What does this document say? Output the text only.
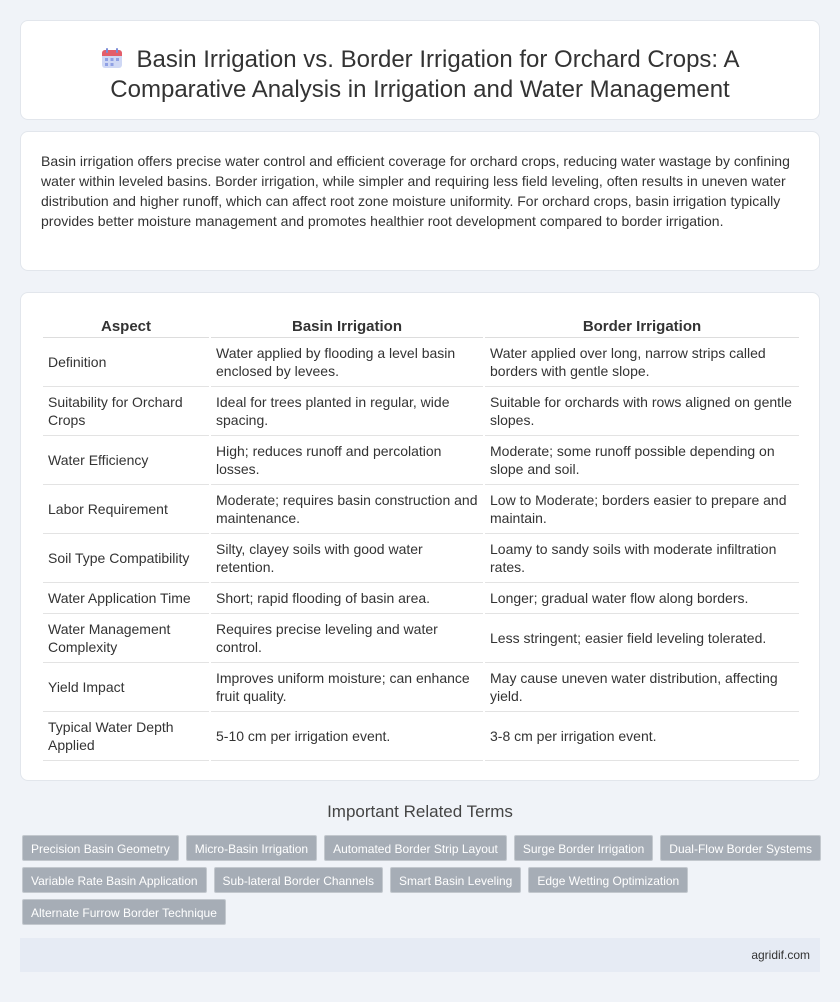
Basin Irrigation vs. Border Irrigation for Orchard Crops: A Comparative Analysis in Irrigation and Water Management

Basin irrigation offers precise water control and efficient coverage for orchard crops, reducing water wastage by confining water within leveled basins. Border irrigation, while simpler and requiring less field leveling, often results in uneven water distribution and higher runoff, which can affect root zone moisture uniformity. For orchard crops, basin irrigation typically provides better moisture management and promotes healthier root development compared to border irrigation.

Aspect	Basin Irrigation	Border Irrigation
Definition	Water applied by flooding a level basin enclosed by levees.	Water applied over long, narrow strips called borders with gentle slope.
Suitability for Orchard Crops	Ideal for trees planted in regular, wide spacing.	Suitable for orchards with rows aligned on gentle slopes.
Water Efficiency	High; reduces runoff and percolation losses.	Moderate; some runoff possible depending on slope and soil.
Labor Requirement	Moderate; requires basin construction and maintenance.	Low to Moderate; borders easier to prepare and maintain.
Soil Type Compatibility	Silty, clayey soils with good water retention.	Loamy to sandy soils with moderate infiltration rates.
Water Application Time	Short; rapid flooding of basin area.	Longer; gradual water flow along borders.
Water Management Complexity	Requires precise leveling and water control.	Less stringent; easier field leveling tolerated.
Yield Impact	Improves uniform moisture; can enhance fruit quality.	May cause uneven water distribution, affecting yield.
Typical Water Depth Applied	5-10 cm per irrigation event.	3-8 cm per irrigation event.
Important Related Terms
Precision Basin Geometry	Micro-Basin Irrigation	Automated Border Strip Layout	Surge Border Irrigation	Dual-Flow Border Systems
Variable Rate Basin Application	Sub-lateral Border Channels	Smart Basin Leveling	Edge Wetting Optimization
Alternate Furrow Border Technique
agridif.com
